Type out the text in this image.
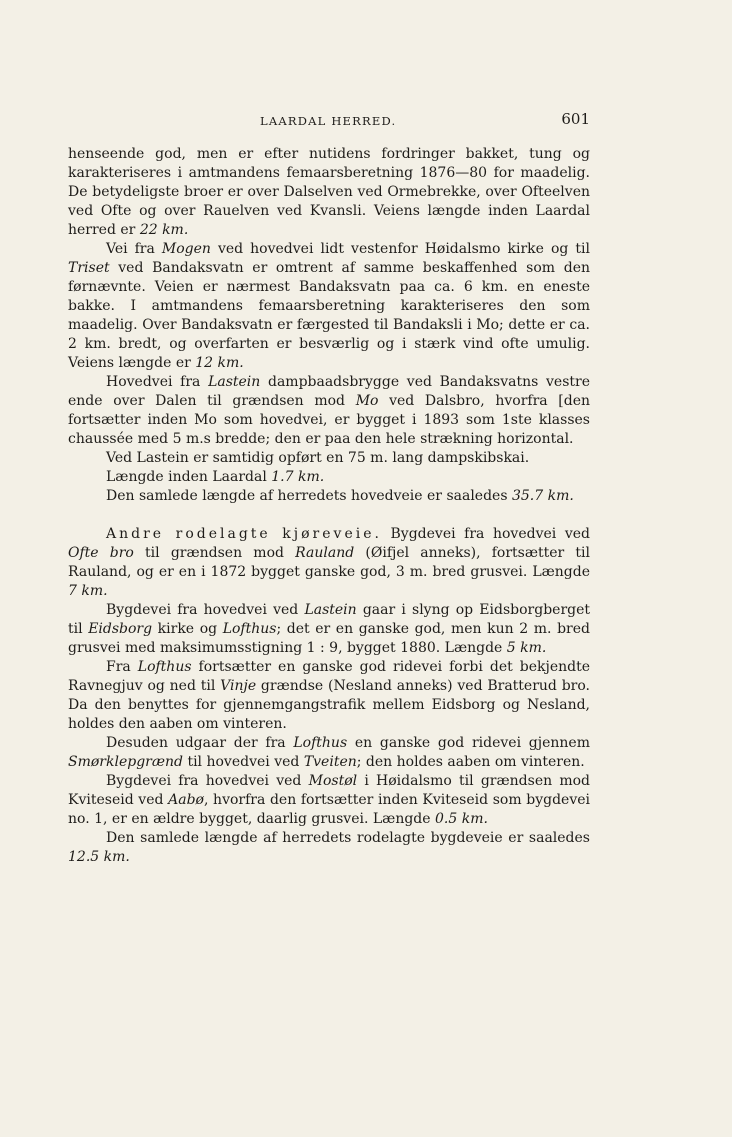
LAARDAL HERRED.	601

henseende god, men er efter nutidens fordringer bakket, tung og karakteriseres i amtmandens femaarsberetning 1876—80 for maadelig. De betydeligste broer er over Dalselven ved Ormebrekke, over Ofteelven ved Ofte og over Rauelven ved Kvansli. Veiens længde inden Laardal herred er 22 km.

Vei fra Mogen ved hovedvei lidt vestenfor Høidalsmo kirke og til Triset ved Bandaksvatn er omtrent af samme beskaffenhed som den førnævnte. Veien er nærmest Bandaksvatn paa ca. 6 km. en eneste bakke. I amtmandens femaarsberetning karakteriseres den som maadelig. Over Bandaksvatn er færgested til Bandaksli i Mo; dette er ca. 2 km. bredt, og overfarten er besværlig og i stærk vind ofte umulig. Veiens længde er 12 km.

Hovedvei fra Lastein dampbaadsbrygge ved Bandaksvatns vestre ende over Dalen til grændsen mod Mo ved Dalsbro, hvorfra [den fortsætter inden Mo som hovedvei, er bygget i 1893 som 1ste klasses chaussée med 5 m.s bredde; den er paa den hele strækning horizontal.

Ved Lastein er samtidig opført en 75 m. lang dampskibskai.

Længde inden Laardal 1.7 km.

Den samlede længde af herredets hovedveie er saaledes 35.7 km.

Andre rodelagte kjøreveie. Bygdevei fra hovedvei ved Ofte bro til grændsen mod Rauland (Øifjel anneks), fortsætter til Rauland, og er en i 1872 bygget ganske god, 3 m. bred grusvei. Længde 7 km.

Bygdevei fra hovedvei ved Lastein gaar i slyng op Eidsborgberget til Eidsborg kirke og Lofthus; det er en ganske god, men kun 2 m. bred grusvei med maksimumsstigning 1 : 9, bygget 1880. Længde 5 km.

Fra Lofthus fortsætter en ganske god ridevei forbi det bekjendte Ravnegjuv og ned til Vinje grændse (Nesland anneks) ved Bratterud bro. Da den benyttes for gjennemgangstrafik mellem Eidsborg og Nesland, holdes den aaben om vinteren.

Desuden udgaar der fra Lofthus en ganske god ridevei gjennem Smørklepgrænd til hovedvei ved Tveiten; den holdes aaben om vinteren.

Bygdevei fra hovedvei ved Mostøl i Høidalsmo til grændsen mod Kviteseid ved Aabø, hvorfra den fortsætter inden Kviteseid som bygdevei no. 1, er en ældre bygget, daarlig grusvei. Længde 0.5 km.

Den samlede længde af herredets rodelagte bygdeveie er saaledes 12.5 km.
